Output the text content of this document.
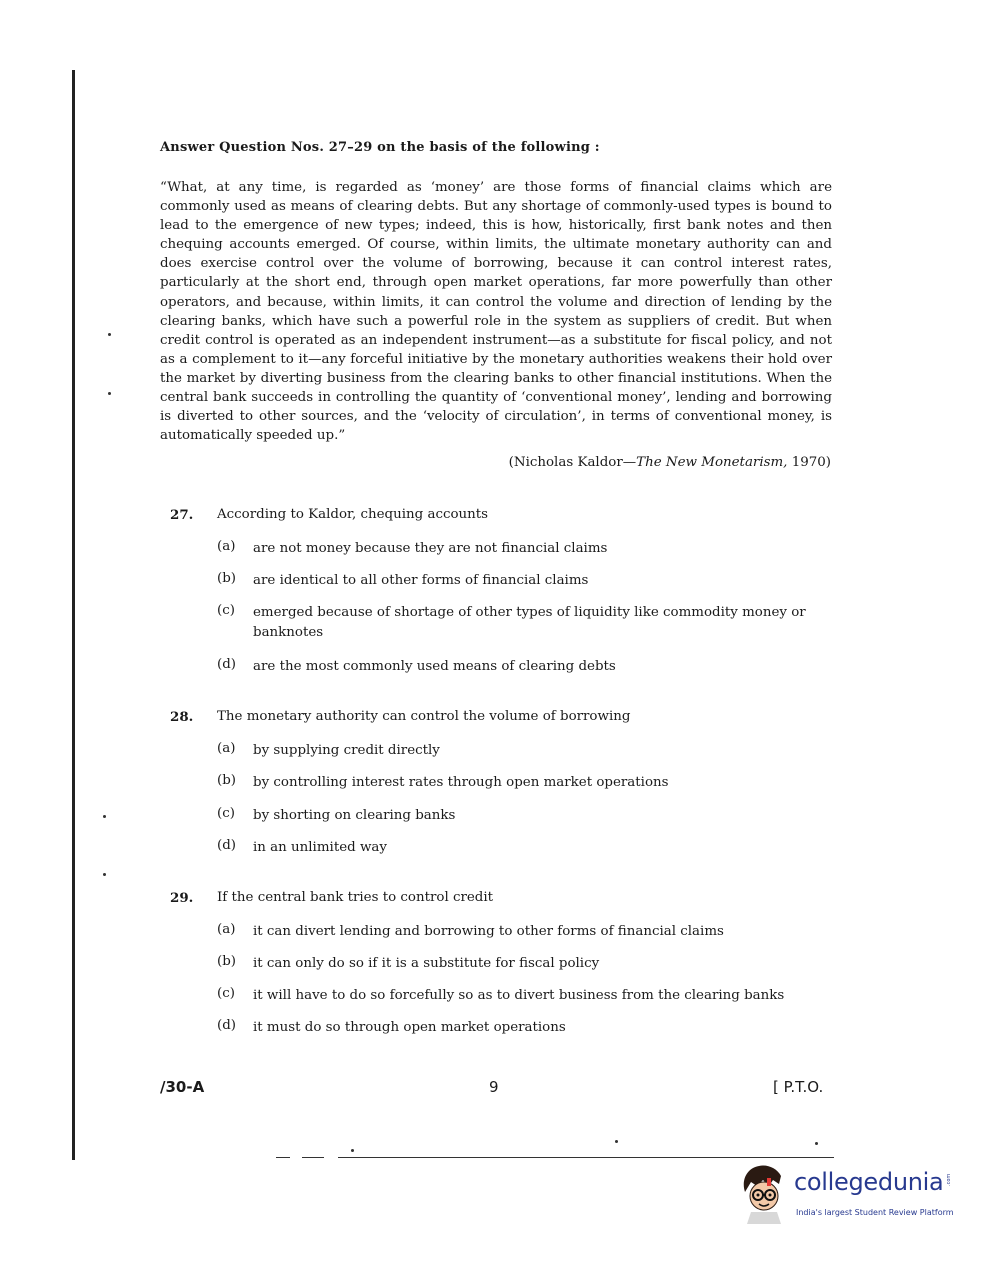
Answer Question Nos. 27–29 on the basis of the following :
“What, at any time, is regarded as ‘money’ are those forms of financial claims which are commonly used as means of clearing debts. But any shortage of commonly-used types is bound to lead to the emergence of new types; indeed, this is how, historically, first bank notes and then chequing accounts emerged. Of course, within limits, the ultimate monetary authority can and does exercise control over the volume of borrowing, because it can control interest rates, particularly at the short end, through open market operations, far more powerfully than other operators, and because, within limits, it can control the volume and direction of lending by the clearing banks, which have such a powerful role in the system as suppliers of credit. But when credit control is operated as an independent instrument—as a substitute for fiscal policy, and not as a complement to it—any forceful initiative by the monetary authorities weakens their hold over the market by diverting business from the clearing banks to other financial institutions. When the central bank succeeds in controlling the quantity of ‘conventional money’, lending and borrowing is diverted to other sources, and the ‘velocity of circulation’, in terms of conventional money, is automatically speeded up.”
(Nicholas Kaldor—The New Monetarism, 1970)
27. According to Kaldor, chequing accounts
(a) are not money because they are not financial claims
(b) are identical to all other forms of financial claims
(c) emerged because of shortage of other types of liquidity like commodity money or banknotes
(d) are the most commonly used means of clearing debts
28. The monetary authority can control the volume of borrowing
(a) by supplying credit directly
(b) by controlling interest rates through open market operations
(c) by shorting on clearing banks
(d) in an unlimited way
29. If the central bank tries to control credit
(a) it can divert lending and borrowing to other forms of financial claims
(b) it can only do so if it is a substitute for fiscal policy
(c) it will have to do so forcefully so as to divert business from the clearing banks
(d) it must do so through open market operations
/30-A	9	[ P.T.O.
collegedunia .com
India's largest Student Review Platform
